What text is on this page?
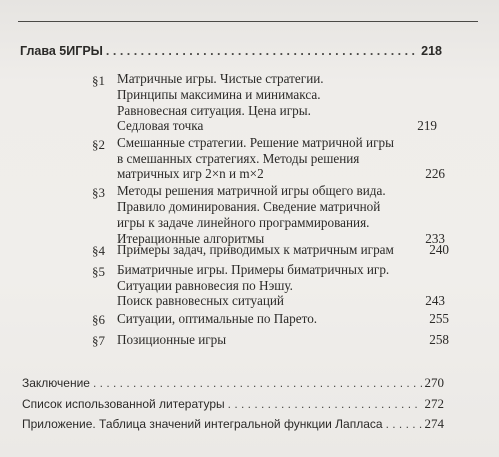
Глава 5 ИГРЫ . . .	218
§1 Матричные игры. Чистые стратегии.
Принципы максимина и минимакса.
Равновесная ситуация. Цена игры.
Седловая точка	219
§2 Смешанные стратегии. Решение матричной игры
в смешанных стратегиях. Методы решения
матричных игр 2×n и m×2	226
§3 Методы решения матричной игры общего вида.
Правило доминирования. Сведение матричной
игры к задаче линейного программирования.
Итерационные алгоритмы	233
§4 Примеры задач, приводимых к матричным играм	240
§5 Биматричные игры. Примеры биматричных игр.
Ситуации равновесия по Нэшу.
Поиск равновесных ситуаций	243
§6 Ситуации, оптимальные по Парето.	255
§7 Позиционные игры	258
Заключение . . .	270
Список использованной литературы . . .	272
Приложение. Таблица значений интегральной функции Лапласа . . .	274
